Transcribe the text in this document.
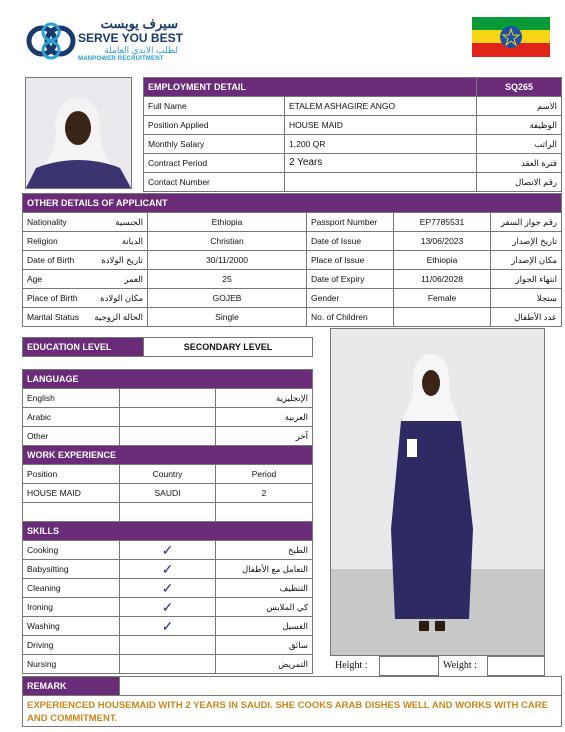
سيرف يوبست
SERVE YOU BEST
لطلب الايدي العاملة
MANPOWER RECRUITMENT
EMPLOYMENT DETAIL		SQ265
Full Name	ETALEM ASHAGIRE ANGO	الاسم
Position Applied	HOUSE MAID	الوظيفة
Monthly Salary	1,200 QR	الراتب
Contract Period	2 Years	فترة العقد
Contact Number		رقم الاتصال
OTHER DETAILS OF APPLICANT					
Nationality	الجنسية	Ethiopia	Passport Number	EP7785531	رقم جواز السفر
Religion	الديانة	Christian	Date of Issue	13/06/2023	تاريخ الإصدار
Date of Birth	تاريخ الولادة	30/11/2000	Place of Issue	Ethiopia	مكان الإصدار
Age	العمر	25	Date of Expiry	11/06/2028	انتهاء الجواز
Place of Birth	مكان الولادة	GOJEB	Gender	Female	سنجلا
Marital Status	الحالة الزوجية	Single	No. of Children		عدد الأطفال
EDUCATION LEVEL	SECONDARY LEVEL
LANGUAGE		
English		الإنجليزية
Arabic		العربية
Other		آخر
WORK EXPERIENCE		
Position	Country	Period
HOUSE MAID	SAUDI	2

SKILLS		
Cooking	✓	الطبخ
Babysitting	✓	التعامل مع الأطفال
Cleaning	✓	التنظيف
Ironing	✓	كي الملابس
Washing	✓	الغسيل
Driving		سائق
Nursing		التمريض	Height :		Weight :	
REMARK	
EXPERIENCED HOUSEMAID WITH 2 YEARS IN SAUDI. SHE COOKS ARAB DISHES WELL AND WORKS WITH CARE AND COMMITMENT.
